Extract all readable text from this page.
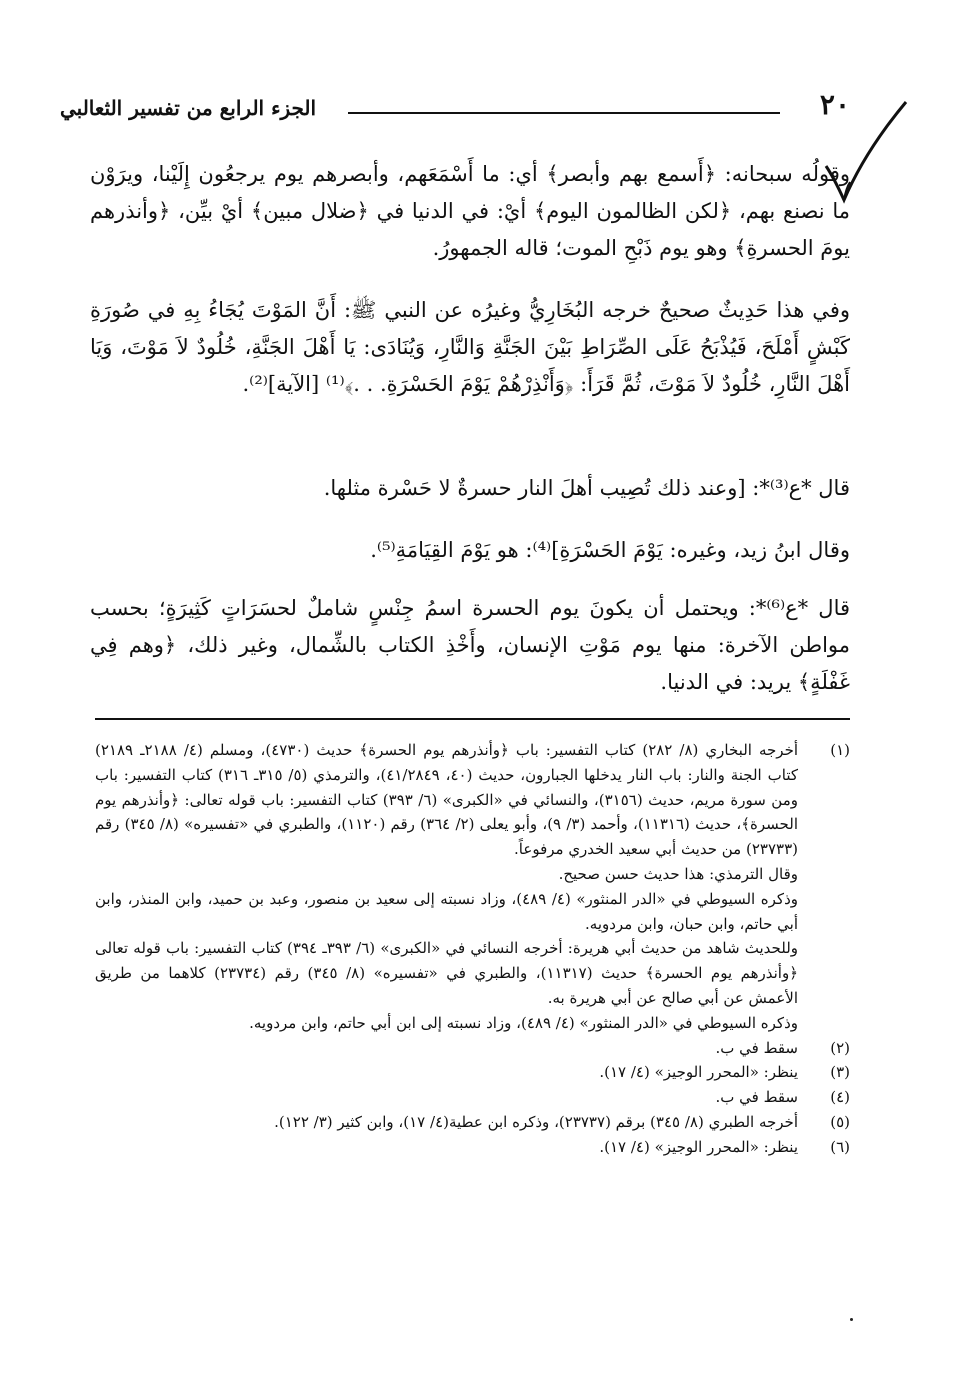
٢٠
الجزء الرابع من تفسير الثعالبي

وقولُه سبحانه: ﴿أَسمع بهم وأبصر﴾ أي: ما أَسْمَعَهم، وأبصرهم يوم يرجعُون إِلَيْنا، ويرَوْن ما نصنع بهم، ﴿لكن الظالمون اليوم﴾ أيْ: في الدنيا في ﴿ضلال مبين﴾ أيْ بيِّن، ﴿وأنذرهم يومَ الحسرةِ﴾ وهو يوم ذَبْحِ الموت؛ قاله الجمهورُ.

وفي هذا حَدِيثٌ صحيحٌ خرجه البُخَارِيُّ وغيرُه عن النبي ﷺ: أَنَّ المَوْتَ يُجَاءُ بِهِ في صُورَةِ كَبْشٍ أَمْلَحَ، فَيُذْبَحُ عَلَى الصِّرَاطِ بَيْنَ الجَنَّةِ وَالنَّارِ، وَيُنَادَى: يَا أَهْلَ الجَنَّةِ، خُلُودٌ لاَ مَوْتَ، وَيَا أَهْلَ النَّارِ، خُلُودٌ لاَ مَوْتَ، ثُمَّ قَرَأَ: ﴿وَأَنْذِرْهُمْ يَوْمَ الحَسْرَةِ. . .﴾⁽¹⁾ [الآية]⁽²⁾.

قال *ع⁽³⁾*: [وعند ذلك تُصِيب أهلَ النار حسرةٌ لا حَسْرة مثلها.

وقال ابنُ زيد، وغيره: يَوْمَ الحَسْرَةِ]⁽⁴⁾: هو يَوْمَ القِيَامَةِ⁽⁵⁾.

قال *ع⁽⁶⁾*: ويحتمل أن يكونَ يوم الحسرة اسمُ جِنْسٍ شاملٌ لحسَرَاتٍ كَثِيرَةٍ؛ بحسب مواطن الآخرة: منها يوم مَوْتِ الإنسان، وأَخْذِ الكتاب بالشِّمال، وغير ذلك، ﴿وهم فِي غَفْلَةٍ﴾ يريد: في الدنيا.

(١)

أخرجه البخاري (٨/ ٢٨٢) كتاب التفسير: باب ﴿وأنذرهم يوم الحسرة﴾ حديث (٤٧٣٠)، ومسلم (٤/ ٢١٨٨ـ ٢١٨٩) كتاب الجنة والنار: باب النار يدخلها الجبارون، حديث (٤٠، ٤١/٢٨٤٩)، والترمذي (٥/ ٣١٥ـ ٣١٦) كتاب التفسير: باب ومن سورة مريم، حديث (٣١٥٦)، والنسائي في «الكبرى» (٦/ ٣٩٣) كتاب التفسير: باب قوله تعالى: ﴿وأنذرهم يوم الحسرة﴾، حديث (١١٣١٦)، وأحمد (٣/ ٩)، وأبو يعلى (٢/ ٣٦٤) رقم (١١٢٠)، والطبري في «تفسيره» (٨/ ٣٤٥) رقم (٢٣٧٣٣) من حديث أبي سعيد الخدري مرفوعاً.

وقال الترمذي: هذا حديث حسن صحيح.

وذكره السيوطي في «الدر المنثور» (٤/ ٤٨٩)، وزاد نسبته إلى سعيد بن منصور، وعبد بن حميد، وابن المنذر، وابن أبي حاتم، وابن حبان، وابن مردويه.

وللحديث شاهد من حديث أبي هريرة: أخرجه النسائي في «الكبرى» (٦/ ٣٩٣ـ ٣٩٤) كتاب التفسير: باب قوله تعالى ﴿وأنذرهم يوم الحسرة﴾ حديث (١١٣١٧)، والطبري في «تفسيره» (٨/ ٣٤٥) رقم (٢٣٧٣٤) كلاهما من طريق الأعمش عن أبي صالح عن أبي هريرة به.

وذكره السيوطي في «الدر المنثور» (٤/ ٤٨٩)، وزاد نسبته إلى ابن أبي حاتم، وابن مردويه.

(٢)

سقط في ب.

(٣)

ينظر: «المحرر الوجيز» (٤/ ١٧).

(٤)

سقط في ب.

(٥)

أخرجه الطبري (٨/ ٣٤٥) برقم (٢٣٧٣٧)، وذكره ابن عطية(٤/ ١٧)، وابن كثير (٣/ ١٢٢).

(٦)

ينظر: «المحرر الوجيز» (٤/ ١٧).
